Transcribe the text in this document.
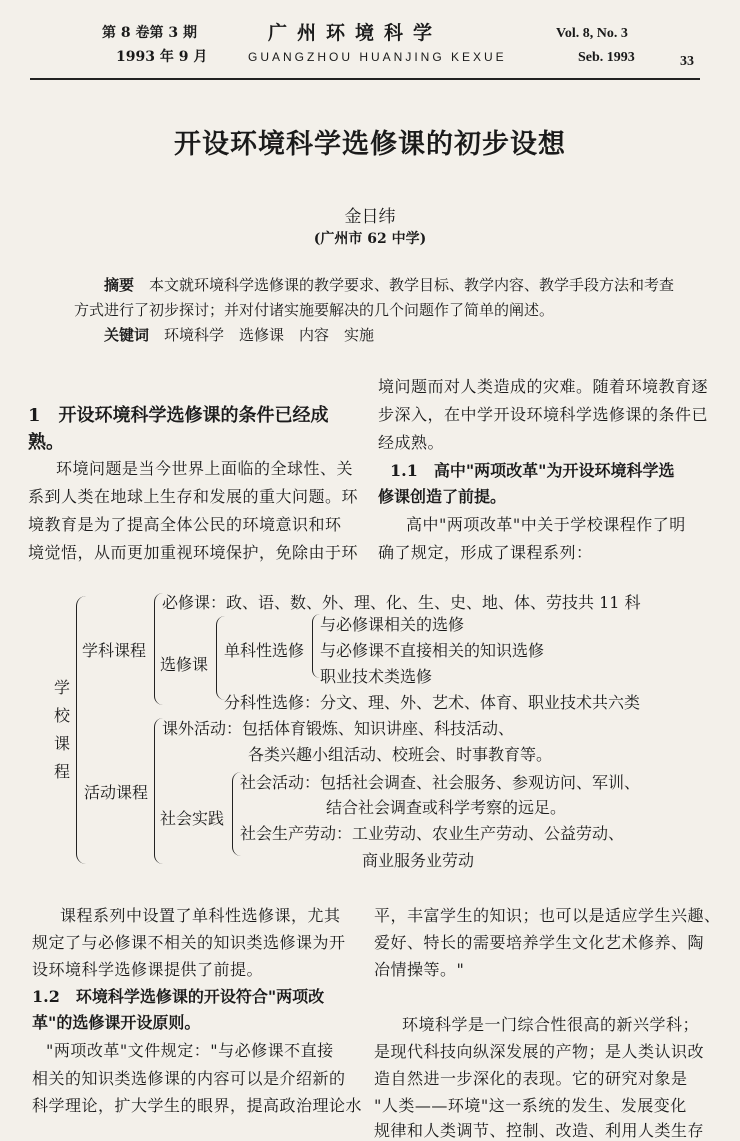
第 8 卷第 3 期
1993 年 9 月
广州环境科学
GUANGZHOU HUANJING KEXUE
Vol. 8, No. 3
Seb. 1993	33
开设环境科学选修课的初步设想
金日纬
(广州市 62 中学)
摘要　 本文就环境科学选修课的教学要求、教学目标、教学内容、教学手段方法和考查
方式进行了初步探讨；并对付诸实施要解决的几个问题作了简单的阐述。
关键词　 环境科学　选修课　内容　实施
1　开设环境科学选修课的条件已经成
熟。
环境问题是当今世界上面临的全球性、关
系到人类在地球上生存和发展的重大问题。环
境教育是为了提高全体公民的环境意识和环
境觉悟，从而更加重视环境保护，免除由于环
境问题而对人类造成的灾难。随着环境教育逐
步深入，在中学开设环境科学选修课的条件已
经成熟。
1.1　高中"两项改革"为开设环境科学选
修课创造了前提。
高中"两项改革"中关于学校课程作了明
确了规定，形成了课程系列：
学
校
课
程
学科课程
必修课：政、语、数、外、理、化、生、史、地、体、劳技共 11 科
选修课
单科性选修
与必修课相关的选修
与必修课不直接相关的知识选修
职业技术类选修
分科性选修：分文、理、外、艺术、体育、职业技术共六类
活动课程
课外活动：包括体育锻炼、知识讲座、科技活动、
各类兴趣小组活动、校班会、时事教育等。
社会实践
社会活动：包括社会调查、社会服务、参观访问、军训、
结合社会调查或科学考察的远足。
社会生产劳动：工业劳动、农业生产劳动、公益劳动、
商业服务业劳动
课程系列中设置了单科性选修课，尤其
规定了与必修课不相关的知识类选修课为开
设环境科学选修课提供了前提。
1.2　环境科学选修课的开设符合"两项改
革"的选修课开设原则。
"两项改革"文件规定："与必修课不直接
相关的知识类选修课的内容可以是介绍新的
科学理论，扩大学生的眼界，提高政治理论水
平，丰富学生的知识；也可以是适应学生兴趣、
爱好、特长的需要培养学生文化艺术修养、陶
冶情操等。"
环境科学是一门综合性很高的新兴学科；
是现代科技向纵深发展的产物；是人类认识改
造自然进一步深化的表现。它的研究对象是
"人类——环境"这一系统的发生、发展变化
规律和人类调节、控制、改造、利用人类生存
